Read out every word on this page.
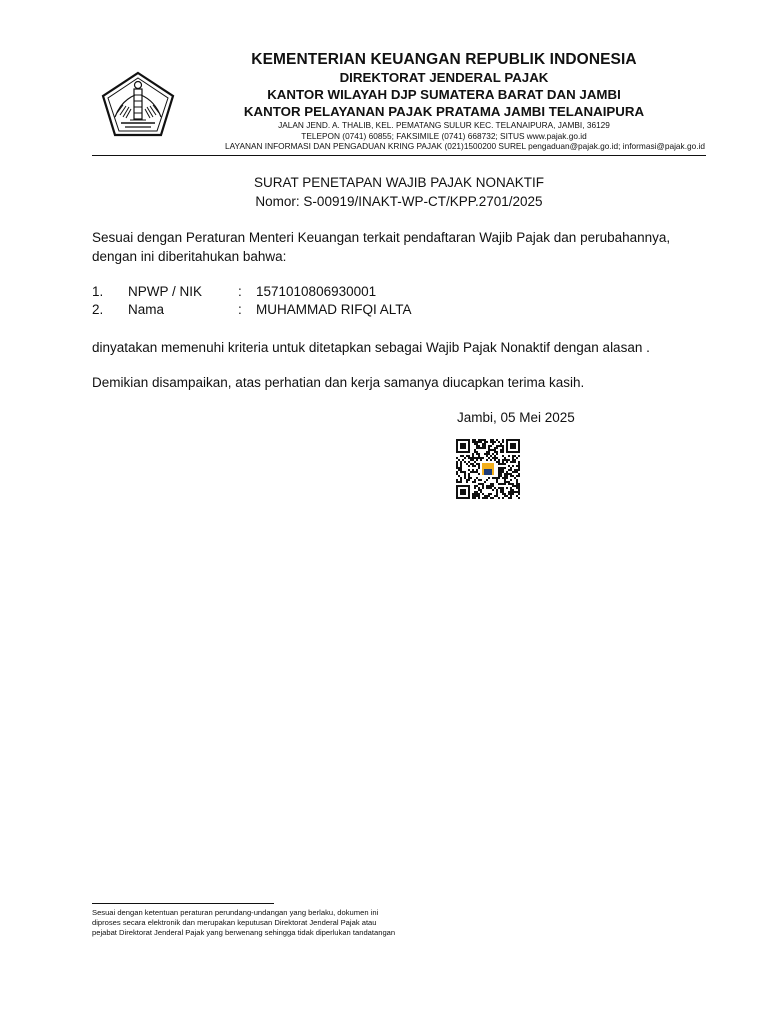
KEMENTERIAN KEUANGAN REPUBLIK INDONESIA
DIREKTORAT JENDERAL PAJAK
KANTOR WILAYAH DJP SUMATERA BARAT DAN JAMBI
KANTOR PELAYANAN PAJAK PRATAMA JAMBI TELANAIPURA
JALAN JEND. A. THALIB, KEL. PEMATANG SULUR KEC. TELANAIPURA, JAMBI, 36129
TELEPON (0741) 60855; FAKSIMILE (0741) 668732; SITUS www.pajak.go.id
LAYANAN INFORMASI DAN PENGADUAN KRING PAJAK (021)1500200 SUREL pengaduan@pajak.go.id; informasi@pajak.go.id
SURAT PENETAPAN WAJIB PAJAK NONAKTIF
Nomor: S-00919/INAKT-WP-CT/KPP.2701/2025
Sesuai dengan Peraturan Menteri Keuangan terkait pendaftaran Wajib Pajak dan perubahannya,
dengan ini diberitahukan bahwa:
1. NPWP / NIK	: 1571010806930001
2. Nama	: MUHAMMAD RIFQI ALTA
dinyatakan memenuhi kriteria untuk ditetapkan sebagai Wajib Pajak Nonaktif dengan alasan .
Demikian disampaikan, atas perhatian dan kerja samanya diucapkan terima kasih.
Jambi, 05 Mei 2025
Sesuai dengan ketentuan peraturan perundang-undangan yang berlaku, dokumen ini
diproses secara elektronik dan merupakan keputusan Direktorat Jenderal Pajak atau
pejabat Direktorat Jenderal Pajak yang berwenang sehingga tidak diperlukan tandatangan
